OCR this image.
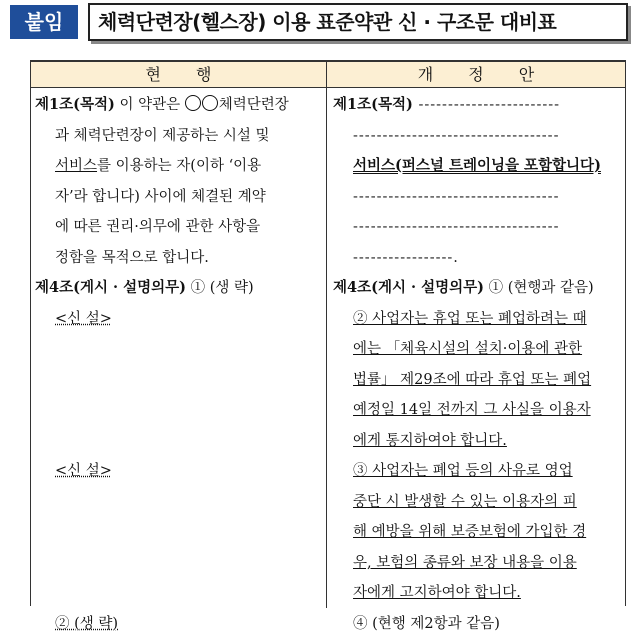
붙임	체력단련장(헬스장) 이용 표준약관 신 · 구조문 대비표
현 행	개 정 안
제1조(목적) 이 약관은 체력단련장
과 체력단련장이 제공하는 시설 및
서비스를 이용하는 자(이하 ‘이용
자’라 합니다) 사이에 체결된 계약
에 따른 권리·의무에 관한 사항을
정함을 목적으로 합니다.
제4조(게시 · 설명의무) ① (생 략)
<신 설>
<신 설>
② (생 략)
제1조(목적) ------------------------
-----------------------------------
서비스(퍼스널 트레이닝을 포함합니다)
-----------------------------------
-----------------------------------
-----------------.
제4조(게시 · 설명의무) ① (현행과 같음)
② 사업자는 휴업 또는 폐업하려는 때
에는 「체육시설의 설치·이용에 관한
법률」 제29조에 따라 휴업 또는 폐업
예정일 14일 전까지 그 사실을 이용자
에게 통지하여야 합니다.
③ 사업자는 폐업 등의 사유로 영업
중단 시 발생할 수 있는 이용자의 피
해 예방을 위해 보증보험에 가입한 경
우, 보험의 종류와 보장 내용을 이용
자에게 고지하여야 합니다.
④ (현행 제2항과 같음)
